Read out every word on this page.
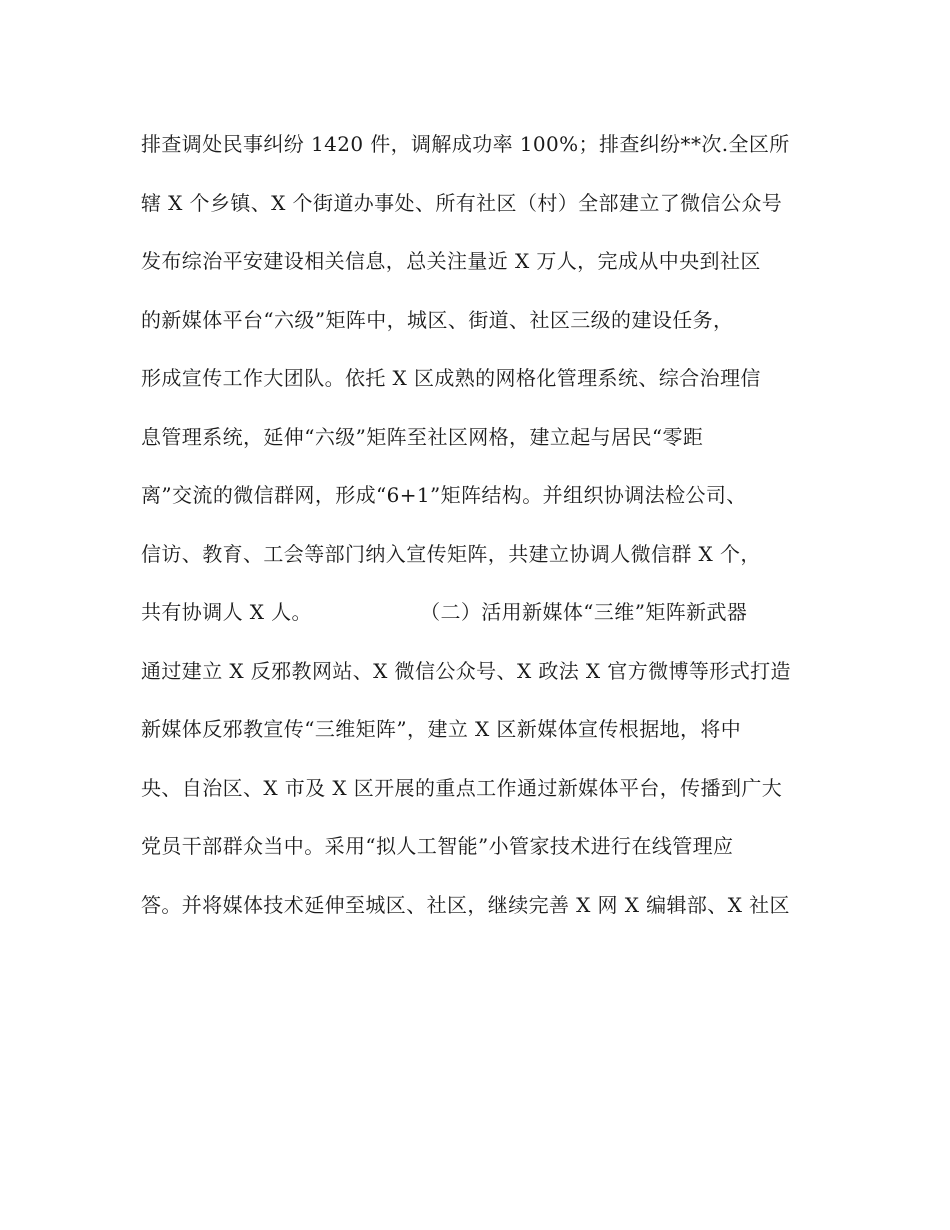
排查调处民事纠纷 1420 件，调解成功率 100%；排查纠纷**次.全区所
辖 X 个乡镇、X 个街道办事处、所有社区（村）全部建立了微信公众号
发布综治平安建设相关信息，总关注量近 X 万人，完成从中央到社区
的新媒体平台“六级”矩阵中，城区、街道、社区三级的建设任务，
形成宣传工作大团队。依托 X 区成熟的网格化管理系统、综合治理信
息管理系统，延伸“六级”矩阵至社区网格，建立起与居民“零距
离”交流的微信群网，形成“6+1”矩阵结构。并组织协调法检公司、
信访、教育、工会等部门纳入宣传矩阵，共建立协调人微信群 X 个，
共有协调人 X 人。                （二）活用新媒体“三维”矩阵新武器
通过建立 X 反邪教网站、X 微信公众号、X 政法 X 官方微博等形式打造
新媒体反邪教宣传“三维矩阵”，建立 X 区新媒体宣传根据地，将中
央、自治区、X 市及 X 区开展的重点工作通过新媒体平台，传播到广大
党员干部群众当中。采用“拟人工智能”小管家技术进行在线管理应
答。并将媒体技术延伸至城区、社区，继续完善 X 网 X 编辑部、X 社区
